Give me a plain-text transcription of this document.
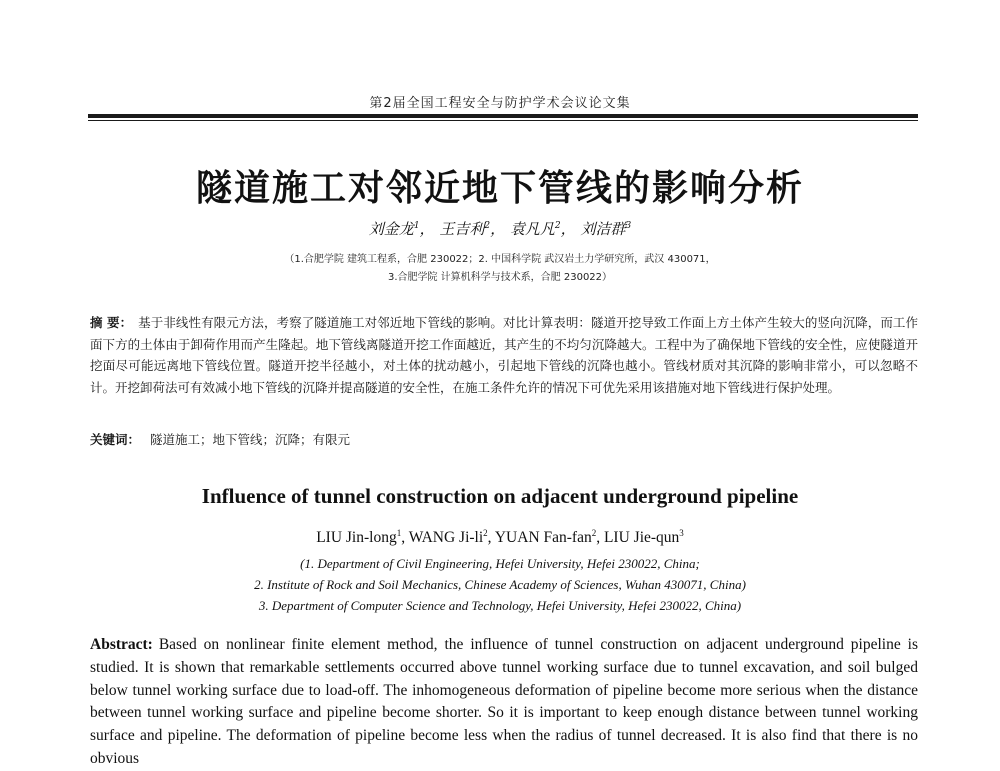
第2届全国工程安全与防护学术会议论文集
隧道施工对邻近地下管线的影响分析
刘金龙$^1$， 王吉利$^2$， 袁凡凡$^2$， 刘洁群$^3$
（1.合肥学院 建筑工程系，合肥 230022；2. 中国科学院 武汉岩土力学研究所，武汉 430071，
3.合肥学院 计算机科学与技术系，合肥 230022）
摘 要： 基于非线性有限元方法，考察了隧道施工对邻近地下管线的影响。对比计算表明：隧道开挖导致工作面上方土体产生较大的竖向沉降，而工作面下方的土体由于卸荷作用而产生隆起。地下管线离隧道开挖工作面越近，其产生的不均匀沉降越大。工程中为了确保地下管线的安全性，应使隧道开挖面尽可能远离地下管线位置。隧道开挖半径越小，对土体的扰动越小，引起地下管线的沉降也越小。管线材质对其沉降的影响非常小，可以忽略不计。开挖卸荷法可有效减小地下管线的沉降并提高隧道的安全性，在施工条件允许的情况下可优先采用该措施对地下管线进行保护处理。
关键词： 隧道施工；地下管线；沉降；有限元
Influence of tunnel construction on adjacent underground pipeline
LIU Jin-long$^1$, WANG $Ji-li^2$, YUAN Fan-fan$^2$, LIU Jie-qun$^3$
(1. Department of Civil Engineering, Hefei University, Hefei 230022, China;
2. Institute of Rock and Soil Mechanics, Chinese Academy of Sciences, Wuhan 430071, China)
3. Department of Computer Science and Technology, Hefei University, Hefei 230022, China)
Abstract: Based on nonlinear finite element method, the influence of tunnel construction on adjacent underground pipeline is studied. It is shown that remarkable settlements occurred above tunnel working surface due to tunnel excavation, and soil bulged below tunnel working surface due to load-off. The inhomogeneous deformation of pipeline become more serious when the distance between tunnel working surface and pipeline become shorter. So it is important to keep enough distance between tunnel working surface and pipeline. The deformation of pipeline become less when the radius of tunnel decreased. It is also find that there is no obvious
